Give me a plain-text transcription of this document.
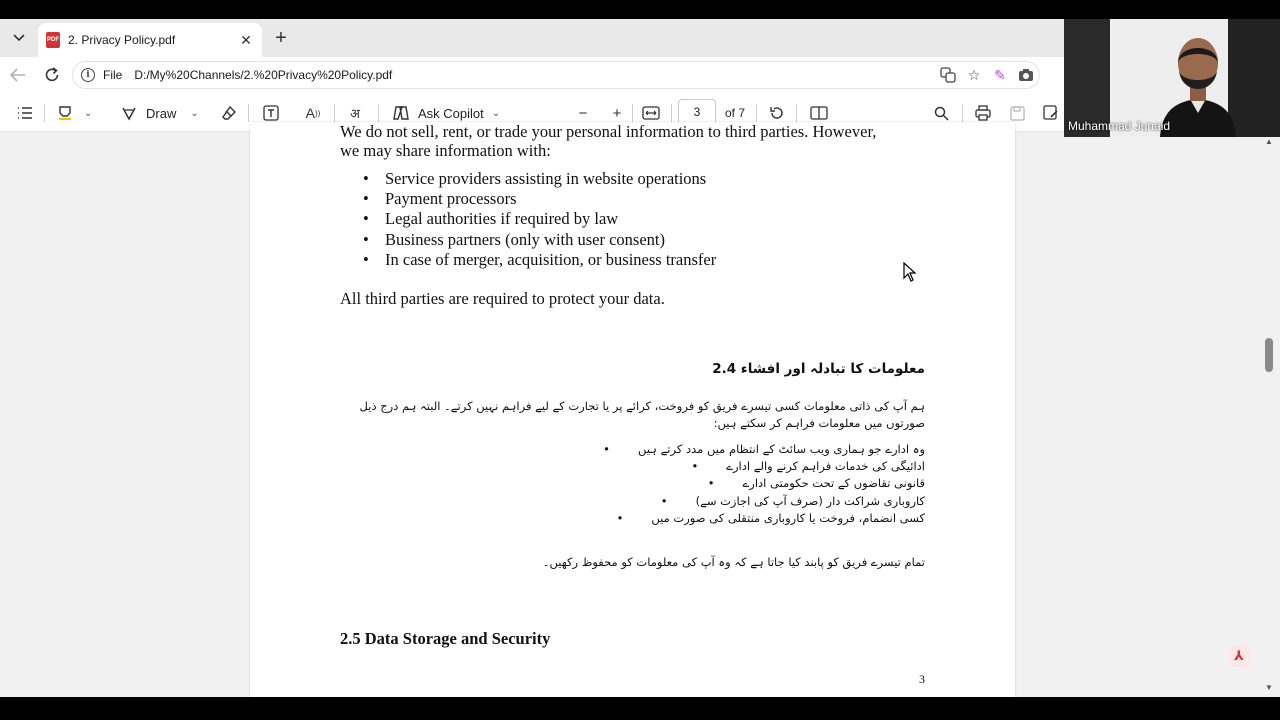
PDF 2. Privacy Policy.pdf	✕ +
i	File D:/My%20Channels/2.%20Privacy%20Policy.pdf	☆ ✎
⌄	Draw ⌄	A ))	अ	Ask Copilot ⌄	−	+	3	of 7
We do not sell, rent, or trade your personal information to third parties. However,
we may share information with:
• Service providers assisting in website operations
• Payment processors
• Legal authorities if required by law
• Business partners (only with user consent)
• In case of merger, acquisition, or business transfer
All third parties are required to protect your data.
معلومات کا تبادلہ اور افشاء 2.4
ہم آپ کی ذاتی معلومات کسی تیسرے فریق کو فروخت، کرائے پر یا تجارت کے لیے فراہم نہیں کرتے۔ البتہ ہم درج ذیل صورتوں میں معلومات فراہم کر سکتے ہیں:
وہ ادارے جو ہماری ویب سائٹ کے انتظام میں مدد کرتے ہیں•
ادائیگی کی خدمات فراہم کرنے والے ادارے•
قانونی تقاضوں کے تحت حکومتی ادارے•
کاروباری شراکت دار (صرف آپ کی اجازت سے)•
کسی انضمام، فروخت یا کاروباری منتقلی کی صورت میں•
تمام تیسرے فریق کو پابند کیا جاتا ہے کہ وہ آپ کی معلومات کو محفوظ رکھیں۔
2.5 Data Storage and Security
3
⅄
▲
▼
Muhammad Junaid
